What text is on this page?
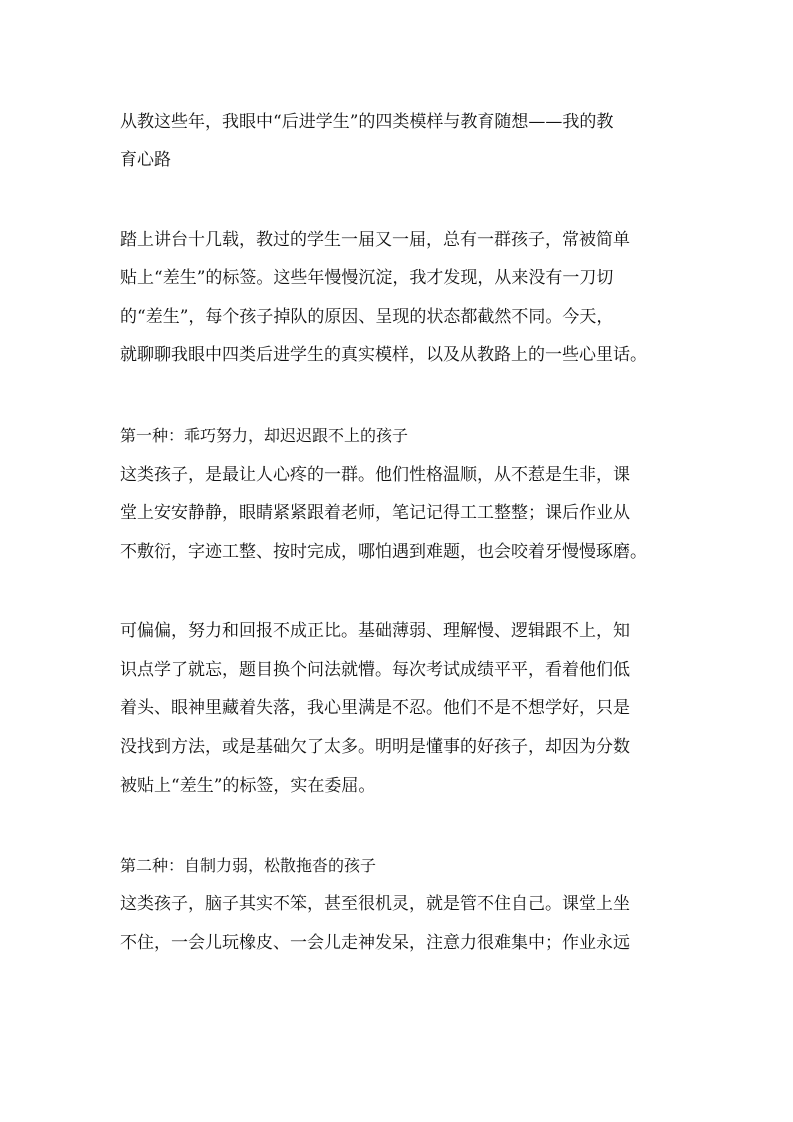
从教这些年，我眼中“后进学生”的四类模样与教育随想——我的教

育心路

踏上讲台十几载，教过的学生一届又一届，总有一群孩子，常被简单

贴上“差生”的标签。这些年慢慢沉淀，我才发现，从来没有一刀切

的“差生”，每个孩子掉队的原因、呈现的状态都截然不同。今天，

就聊聊我眼中四类后进学生的真实模样，以及从教路上的一些心里话。

第一种：乖巧努力，却迟迟跟不上的孩子

这类孩子，是最让人心疼的一群。他们性格温顺，从不惹是生非，课

堂上安安静静，眼睛紧紧跟着老师，笔记记得工工整整；课后作业从

不敷衍，字迹工整、按时完成，哪怕遇到难题，也会咬着牙慢慢琢磨。

可偏偏，努力和回报不成正比。基础薄弱、理解慢、逻辑跟不上，知

识点学了就忘，题目换个问法就懵。每次考试成绩平平，看着他们低

着头、眼神里藏着失落，我心里满是不忍。他们不是不想学好，只是

没找到方法，或是基础欠了太多。明明是懂事的好孩子，却因为分数

被贴上“差生”的标签，实在委屈。

第二种：自制力弱，松散拖沓的孩子

这类孩子，脑子其实不笨，甚至很机灵，就是管不住自己。课堂上坐

不住，一会儿玩橡皮、一会儿走神发呆，注意力很难集中；作业永远
